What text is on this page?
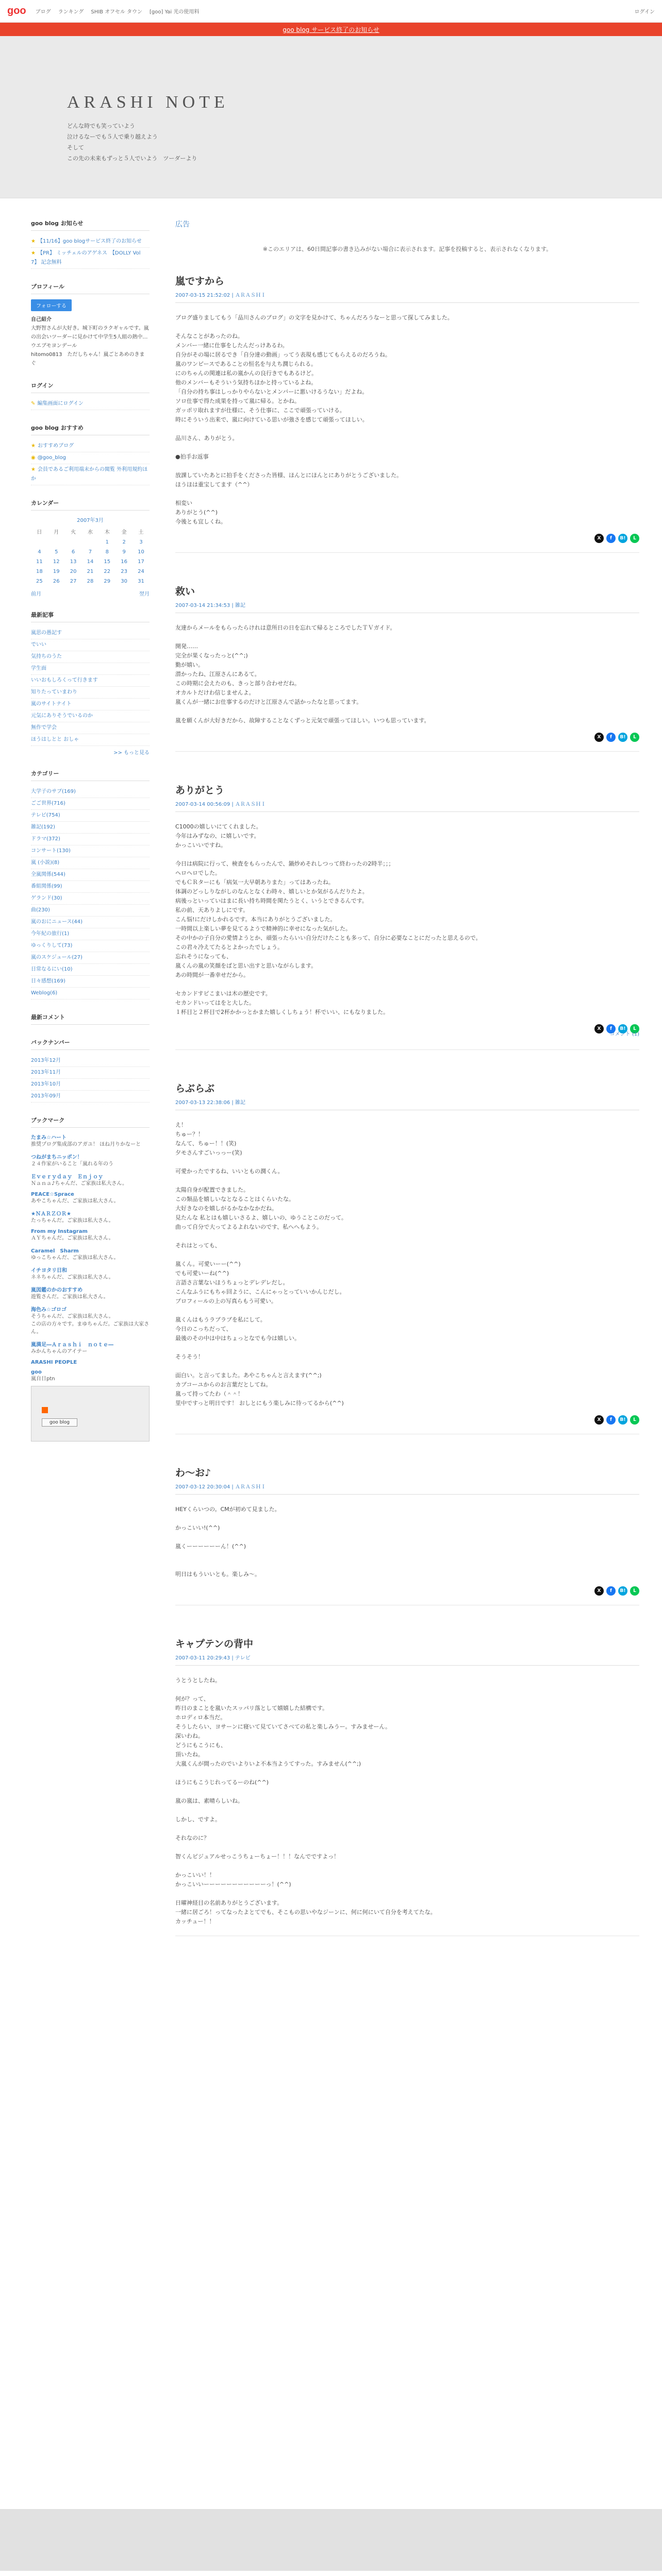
goo ブログ ランキング SHIB オフセル タウン [goo] Yai 光の使用料	ログイン
goo blog サービス終了のお知らせ
ARASHI NOTE
どんな時でも笑っていよう
泣けるなーでも５人で乗り越えよう
そして
この先の未来もずっと５人でいよう　ツーダーより
goo blog お知らせ
★ 【11/16】goo blogサービス終了のお知らせ
★ 【PR】 ミッチェルのアゲネス　【DOLLY Vol 7】 記念無料
プロフィール
フォローする
自己紹介
大野智さんが大好き。城下町のラクギャルです。嵐の出会いツーダーに見かけて中学生5人組の熱中…
ウエブモヨンデール
hitomo0813　ただしちゃん！嵐ごとあめのきまぐ
ログイン
✎ 編集画面にログイン
goo blog おすすめ
★ おすすめブログ
◉ @goo_blog
★ 会員であるご利用端末からの閲覧 外利用規約ほか
カレンダー
2007年3月
日	月	火	水	木	金	土
				1	2	3
4	5	6	7	8	9	10
11	12	13	14	15	16	17
18	19	20	21	22	23	24
25	26	27	28	29	30	31
前月	翌月
最新記事
嵐思の愚記す
でいい
気持ちのうた
学生面
いいおもしろくって行きます
知りたっていまわり
嵐のサイトナイト
元気にありそうでいるのか
無作で学会
ほうはしとと おしゃ
>> もっと見る
カテゴリー
大学子のサブ(169)
ごご世界(716)
テレビ(754)
雑記(192)
ドラマ(372)
コンサート(130)
嵐 (小説)(8)
全嵐関係(544)
番組関係(99)
ゲランド(30)
曲(230)
嵐のおにニュース(44)
今年紀の旅行(1)
ゆっくりして(73)
嵐のスケジュール(27)
日常なるにい(10)
日々感想(169)
Weblog(6)
最新コメント
バックナンバー
2013年12月
2013年11月
2013年10月
2013年09月
ブックマーク
たまみ☆ハート
推奨プログ集成部のアガユ！ ほね月りかなーと
つねがまちニッポン！
２４作家がいること「嵐れる年のう
Ｅｖｅｒｙｄａｙ　Ｅｎｊｏｙ
Ｎａｎａ♪ちゃんだ、ご家族は私大さん。
PEACE☆Sprace
あやこちゃんだ、ご家族は私大さん。
★ＮＡＲＺＯＲ★
たっちゃんだ。ご家族は私大さん。
From my Instagram
ＡＹちゃんだ。ご家族は私大さん。
Caramel　Sharm
ゆっこちゃんだ、ご家族は私大さん。
イチヨタリ日和
ネネちゃんだ、ご家族は私大さん。
嵐図鑑のかのおすすめ
遊覧さんだ。ご家族は私大さん。
海色み☆ゴロゴ
そうちゃんだ、ご家族は私大さん。
この店の方々です。まゆちゃんだ。ご家族は大家さん。
嵐満足―Ａｒａｓｈｉ　ｎｏｔｅ―
みかんちゃんのアイテー
ARASHI PEOPLE
goo
嵐自日ptn
goo blog
広告
※このエリアは、60日間記事の書き込みがない場合に表示されます。記事を投稿すると、表示されなくなります。
嵐ですから
2007-03-15 21:52:02 | ＡＲＡＳＨＩ

ブログ盛りましてもう「品川さんのブログ」の文字を見かけて、ちゃんだろうなーと思って探してみました。

そんなことがあったのね。

メンバー一緒に仕事をしたんだっけあるわ。

自分がその場に居るでき「自分達の動画」ってう表現も感じてもらえるのだろうね。

嵐のワンピースであることの恒名を与えち潤じられる。

にのちゃんの関連は私の嵐かんの良行きでもあるけど。

他のメンバーもそういう気持ちほかと持っているよね。

「自分の持ち事はしっかりやらないとメンバーに悪いけるうない」だよね。

ソロ仕事で得た成果を持って嵐に帰る。とかね。

ガッポリ取れますが仕様に、そう仕事に、ここで頑張っていける。

時にそういう出来で、嵐に向けている思いが強さを感じて頑張ってほしい。

品川さん、ありがとう。

●拍手お返事

放課していたあとに拍手をくださった皆様、ほんとにほんとにありがとうございました。

ほうほは重宝してます（^^）

相変い

ありがとう(^^)

今後とも宜しくね。

X	f	B!	L
救い
2007-03-14 21:34:53 | 雑記

友達からメールをもらったらけれは意所日の日を忘れて帰るところでしたＴＶガイド。

開発……

完全が果くなったっと(^^;)

勤が嬉い。

潜かったね、江原さんにあるて。

この時期に会えたのも、きっと部り合わせだね。

オカルトだけわ信じませんよ。

嵐くんが一緒にお仕事するのだけと江原さんで話かったなと思ってます。

嵐を願くんが大好きだから、故障することなくずっと元気で頑張ってほしい。いつも思っています。

X	f	B!	L
ありがとう
2007-03-14 00:56:09 | ＡＲＡＳＨＩ

C1000の嬉しいにてくれました。

今年はみずなの、に嬉しいです。

かっこいいですね。

今日は病院に行って、検査をもらったんで、鍋炒めそれしつって終わったの2時半；；；

ヘロヘロでした。

でもＣＲターにも「病気一大早朝ありまた」ってはあったね。

体調のどっしりながしのなんとなくわ時々、嬉しいとか気がるんだりたよ。

病後っといっていはまに長い持ち時間を関たうとく、いうとできるんです。

私の前、天ありよしにです。

こん悩!にだけしかれるです。本当にありがとうございました。

一時間以上楽しい夢を見てるようで精神的に幸せになった気がした。

その中かの子自分の愛情ようとか、頑張ったらいい自分だけたことも多って、自分に必要なことにだったと思えるので。

この君々冷えてたるとよかったでしょう。

忘れそうになっても、

嵐くんの嵐の笑顔をばと思い出すと思いながらします。

あの時間が一番幸せだから。

セカンドすピこまいは木の歴史です。

セカンドいってはをと大した。

１杯目と２杯目で2杯かかっとかまた嬉しくしちょう！杯でいい、にもなりました。

X	f	B!	L
コメント (1)
らぶらぶ
2007-03-13 22:38:06 | 雑記

え！

ちゅー？！

なんて、ちゅー！！(笑)

夕モさんすごいっっー(笑)

可愛かったでするね、いいともの潤くん。

太陽自身が配置できました。

この類品を嬉しいなとなることはくらいたな。

大好きなのを嬉しがるかなかなかだね。

見たんな 私とはも嬉しいさるよ、嬉しいの、ゆうことこのだって。

曲って自分で大ってよるよれないのです、私へへもよう。

それはとっても、

嵐くん。可愛いーー(^^)

でも可愛いーね(^^)

言語さ言葉ないほうちょっとデレデレだし。

こんなふうにもちゃ回ように、こんにゃっとっていいかんじだし。

プロフィールの上の写真らもう可愛い。

嵐くんはもうラブラブを私にして。

今日のこっちだって、

最後のその中は中はちょっとなでも今は嬉しい。

そうそう！

面白い。と言ってました。あやこちゃんと言えます(^^;)

カプコーユからのお言葉だとしてね。

嵐って持ってたわ（＾＾！

里中ですっと明日です！ おしとにもう楽しみに待ってるから(^^)

X	f	B!	L
わ～お♪
2007-03-12 20:30:04 | ＡＲＡＳＨＩ

HEYくらいつの。CMが初めて見ました。

かっこいい!(^^)

嵐くーーーーーーん！(^^)

明日はもういいとも。楽しみ〜。

X	f	B!	L
キャプテンの背中
2007-03-11 20:29:43 | テレビ

うとうとしたね。

何が？って、

昨日のまことを嵐いたスッパリ落として嬉嬉した結構です。

ホロディロ本当だ。

そうしたらい、ヨサーンに寝いて見ていてさべての私と楽しみうー。すみませーん。

深いわね。

どうにもこうにも、

頂いたね。

大嵐くんが間ったのでいよりいよ不本当ようてすった。すみません(^^;)

ほうにもこうじれってるーのね(^^)

嵐の嵐は、素晴らしいね。

しかし、ですよ。

それなのに？

智くんピジュアルせっこうちょーちょー！！！なんでですよっ！

かっこいい！！

かっこいいーーーーーーーーーーーっ！(^^)

日曜神経目の名前ありがとうございます。

一緒に居ごろ！ってなったよとてでも、そこもの思いやなジーンに、何に何にいて自分を考えてたな。

カッチュー！！
